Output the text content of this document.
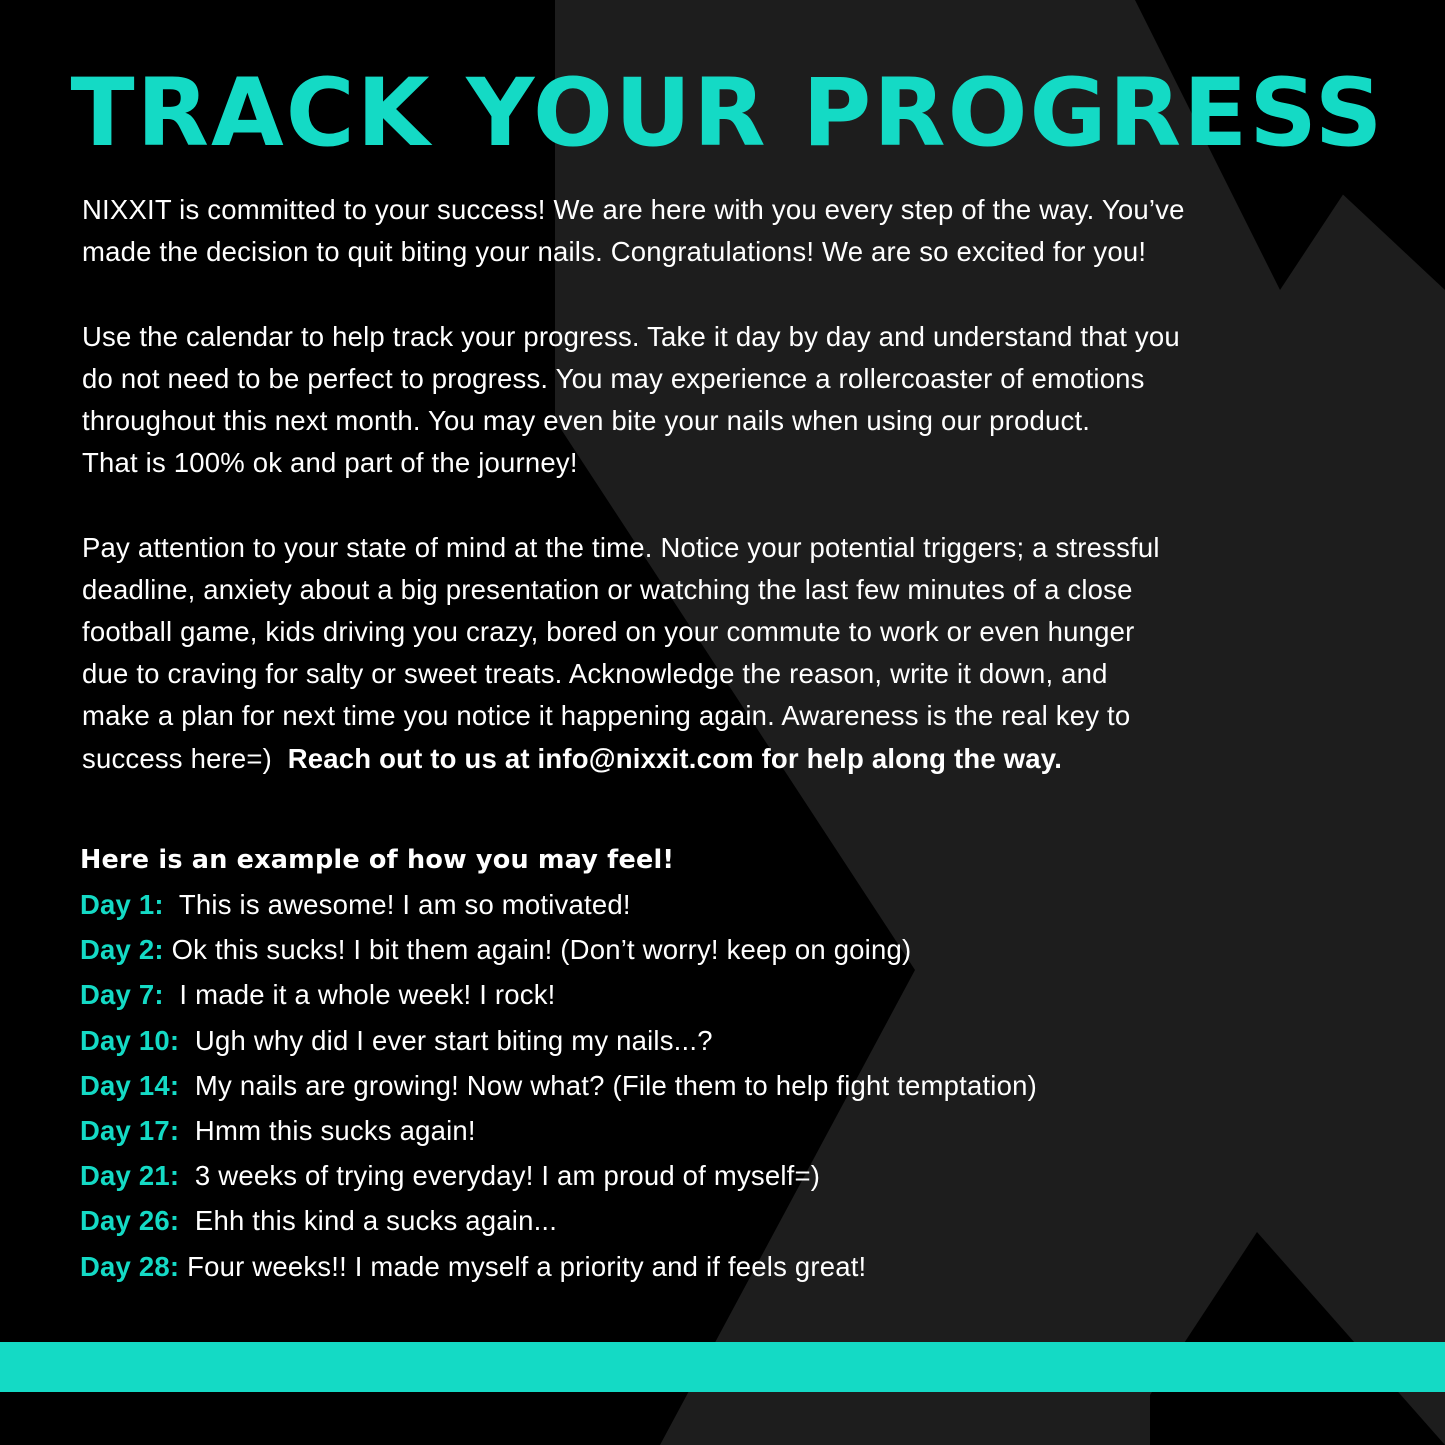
TRACK YOUR PROGRESS

NIXXIT is committed to your success! We are here with you every step of the way. You’ve
made the decision to quit biting your nails. Congratulations! We are so excited for you!

Use the calendar to help track your progress. Take it day by day and understand that you
do not need to be perfect to progress. You may experience a rollercoaster of emotions
throughout this next month. You may even bite your nails when using our product.
That is 100% ok and part of the journey!

Pay attention to your state of mind at the time. Notice your potential triggers; a stressful
deadline, anxiety about a big presentation or watching the last few minutes of a close
football game, kids driving you crazy, bored on your commute to work or even hunger
due to craving for salty or sweet treats. Acknowledge the reason, write it down, and
make a plan for next time you notice it happening again. Awareness is the real key to
success here=)  Reach out to us at info@nixxit.com for help along the way.

Here is an example of how you may feel!
Day 1:  This is awesome! I am so motivated!
Day 2: Ok this sucks! I bit them again! (Don’t worry! keep on going)
Day 7:  I made it a whole week! I rock!
Day 10:  Ugh why did I ever start biting my nails...?
Day 14:  My nails are growing! Now what? (File them to help fight temptation)
Day 17:  Hmm this sucks again!
Day 21:  3 weeks of trying everyday! I am proud of myself=)
Day 26:  Ehh this kind a sucks again...
Day 28: Four weeks!! I made myself a priority and if feels great!
